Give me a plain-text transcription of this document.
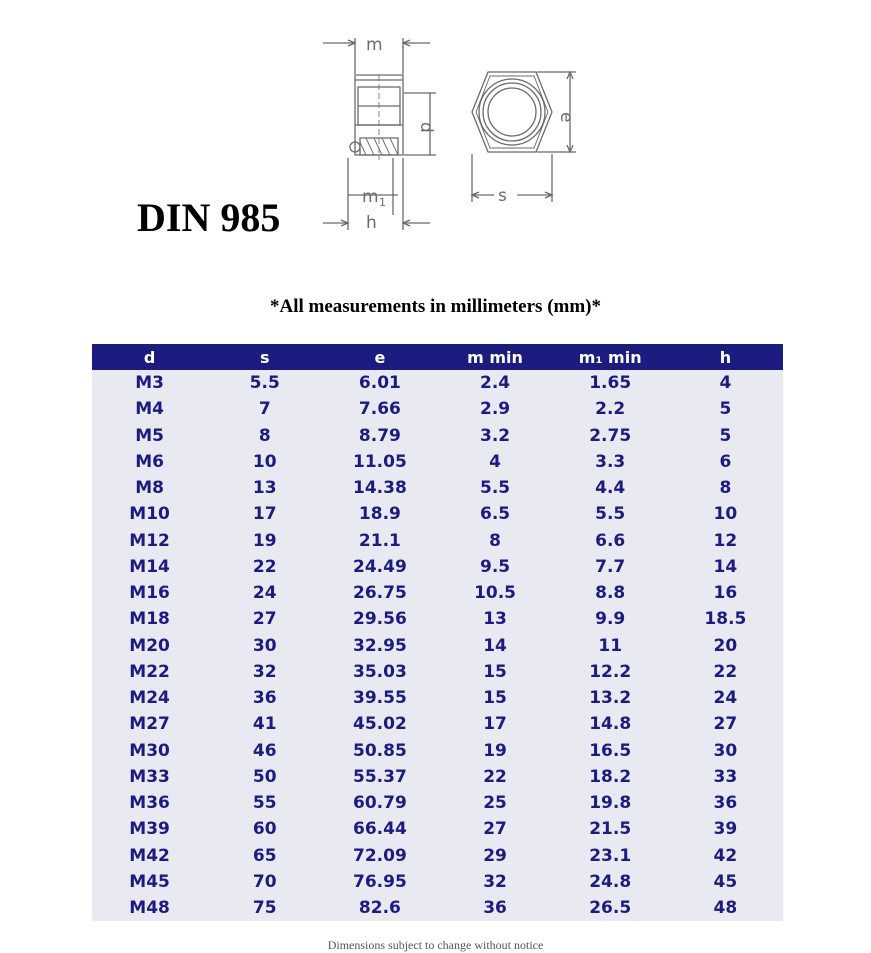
m
d
m 1
h
e
s
DIN 985
*All measurements in millimeters (mm)*
d	s	e	m min	m₁ min	h
M3	5.5	6.01	2.4	1.65	4
M4	7	7.66	2.9	2.2	5
M5	8	8.79	3.2	2.75	5
M6	10	11.05	4	3.3	6
M8	13	14.38	5.5	4.4	8
M10	17	18.9	6.5	5.5	10
M12	19	21.1	8	6.6	12
M14	22	24.49	9.5	7.7	14
M16	24	26.75	10.5	8.8	16
M18	27	29.56	13	9.9	18.5
M20	30	32.95	14	11	20
M22	32	35.03	15	12.2	22
M24	36	39.55	15	13.2	24
M27	41	45.02	17	14.8	27
M30	46	50.85	19	16.5	30
M33	50	55.37	22	18.2	33
M36	55	60.79	25	19.8	36
M39	60	66.44	27	21.5	39
M42	65	72.09	29	23.1	42
M45	70	76.95	32	24.8	45
M48	75	82.6	36	26.5	48
Dimensions subject to change without notice
